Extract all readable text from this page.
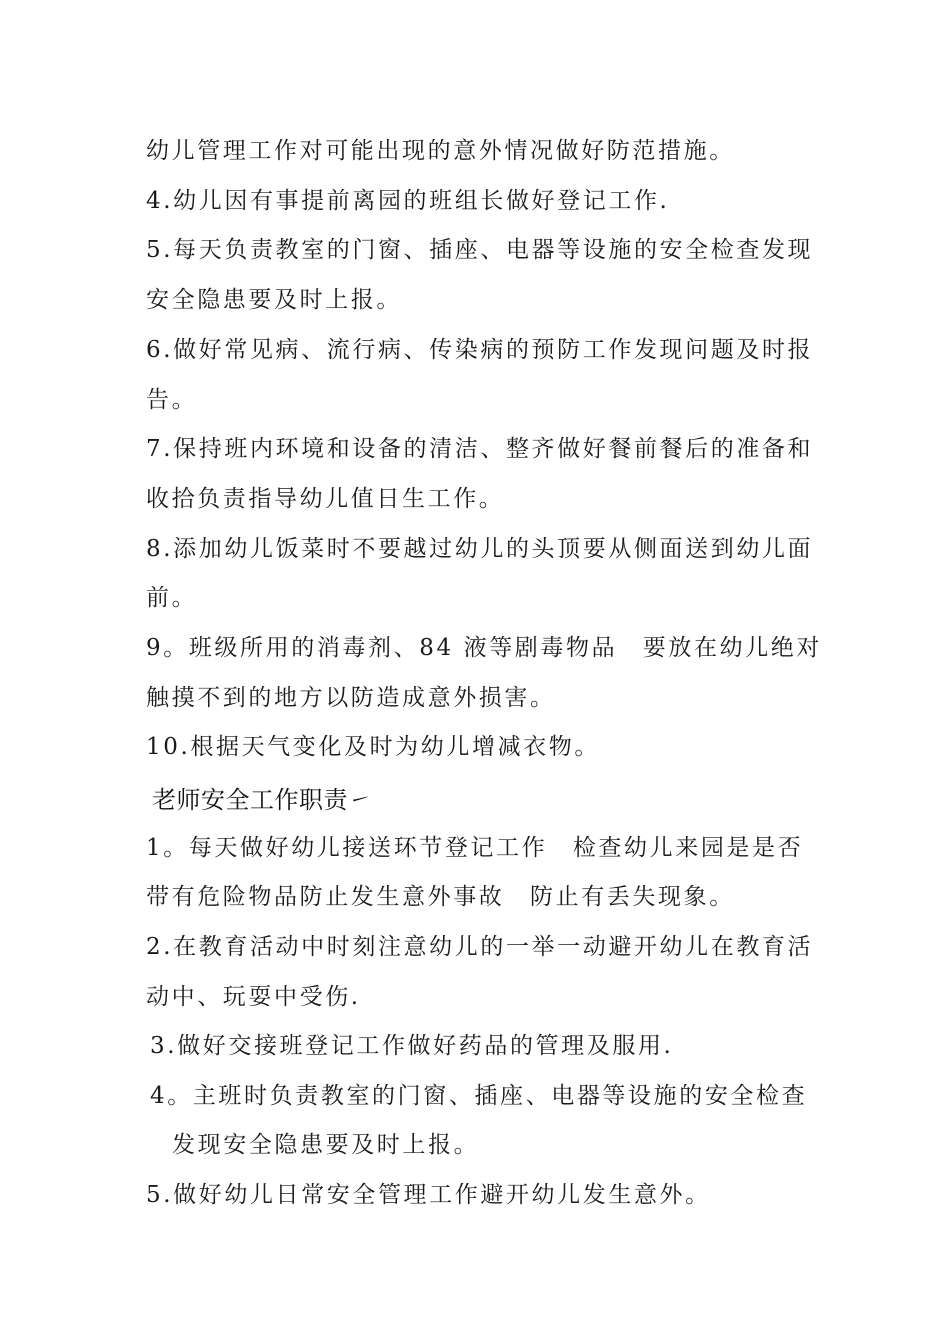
幼儿管理工作对可能出现的意外情况做好防范措施。
4.幼儿因有事提前离园的班组长做好登记工作.
5.每天负责教室的门窗、插座、电器等设施的安全检查发现
安全隐患要及时上报。
6.做好常见病、流行病、传染病的预防工作发现问题及时报
告。
7.保持班内环境和设备的清洁、整齐做好餐前餐后的准备和
收拾负责指导幼儿值日生工作。
8.添加幼儿饭菜时不要越过幼儿的头顶要从侧面送到幼儿面
前。
9。班级所用的消毒剂、84 液等剧毒物品　要放在幼儿绝对
触摸不到的地方以防造成意外损害。
10.根据天气变化及时为幼儿增减衣物。
老师安全工作职责㇀
1。每天做好幼儿接送环节登记工作　检查幼儿来园是是否
带有危险物品防止发生意外事故　防止有丢失现象。
2.在教育活动中时刻注意幼儿的一举一动避开幼儿在教育活
动中、玩耍中受伤.
3.做好交接班登记工作做好药品的管理及服用.
4。主班时负责教室的门窗、插座、电器等设施的安全检查
发现安全隐患要及时上报。
5.做好幼儿日常安全管理工作避开幼儿发生意外。
